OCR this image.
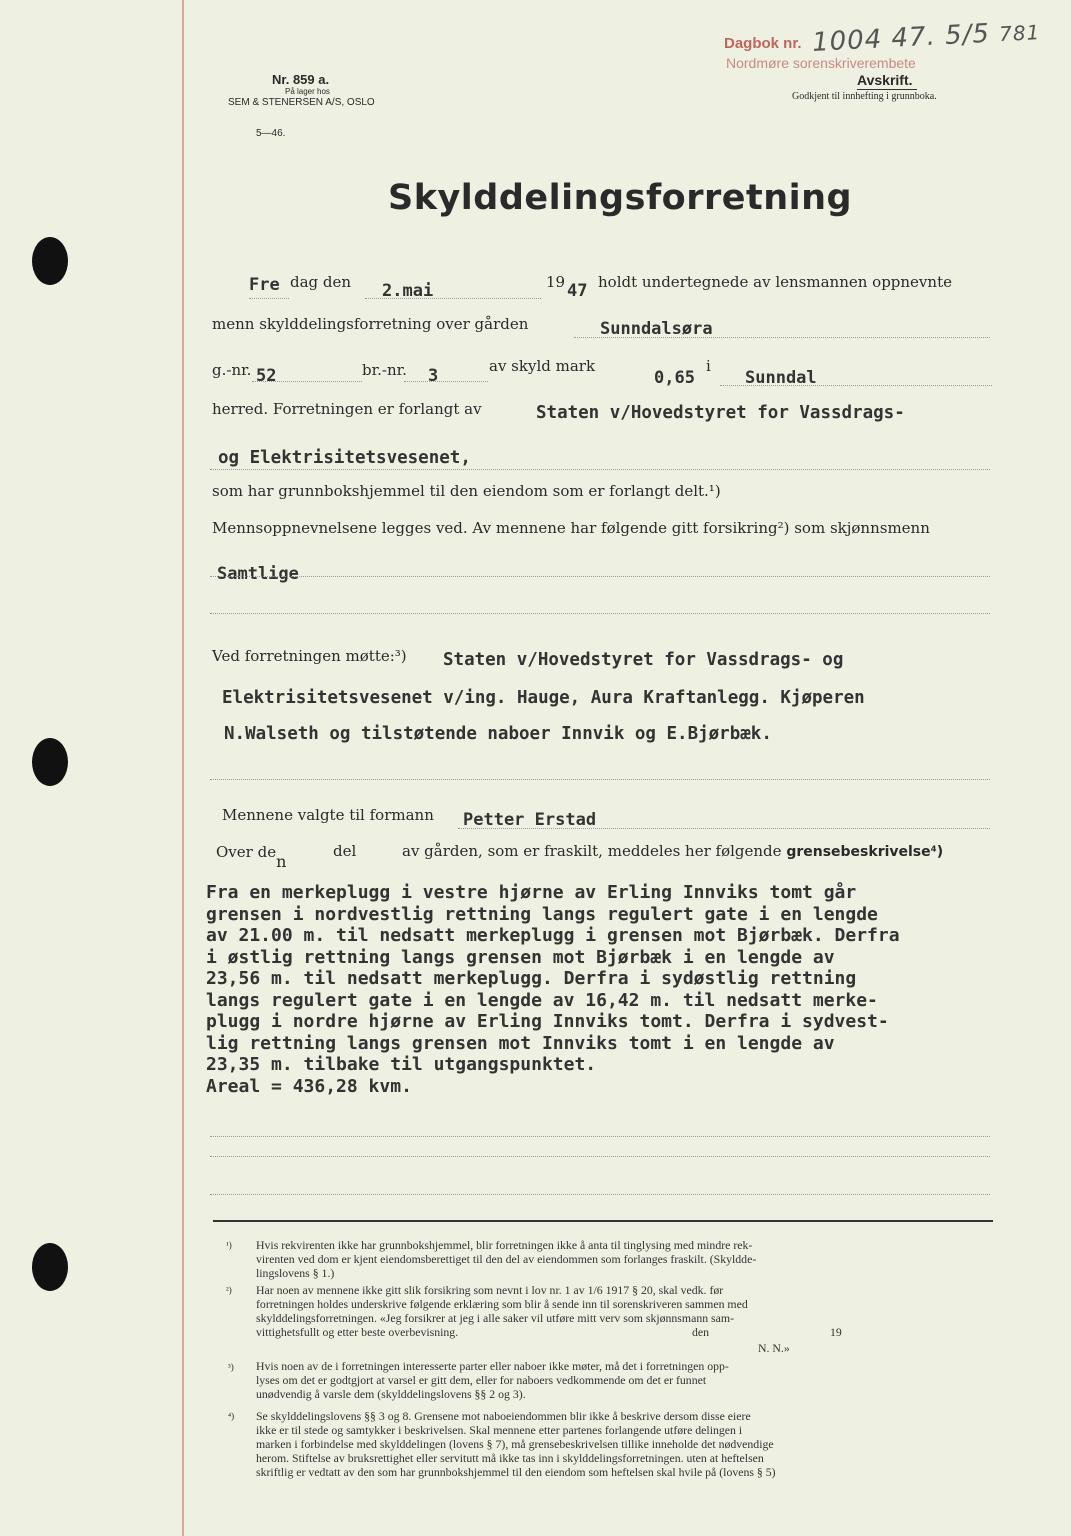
Nr. 859 a.
På lager hos
SEM & STENERSEN A/S, OSLO
5—46.
Dagbok nr. 1004 47. 5/5 781
Nordmøre sorenskriverembete
Avskrift.
Godkjent til innhefting i grunnboka.
Skylddelingsforretning
Fre dag den 2.mai	19 47 holdt undertegnede av lensmannen oppnevnte
menn skylddelingsforretning over gården	Sunndalsøra
g.-nr. 52	br.-nr. 3	av skyld mark
0,65
i
Sunndal
herred. Forretningen er forlangt av	Staten v/Hovedstyret for Vassdrags-
og Elektrisitetsvesenet,
som har grunnbokshjemmel til den eiendom som er forlangt delt.¹)
Mennsoppnevnelsene legges ved. Av mennene har følgende gitt forsikring²) som skjønnsmenn
Samtlige
Ved forretningen møtte:³) Staten v/Hovedstyret for Vassdrags- og
Elektrisitetsvesenet v/ing. Hauge, Aura Kraftanlegg. Kjøperen
N.Walseth og tilstøtende naboer Innvik og E.Bjørbæk.
Mennene valgte til formann Petter Erstad
Over den
del	av gården, som er fraskilt, meddeles her følgende grensebeskrivelse⁴)
Fra en merkeplugg i vestre hjørne av Erling Innviks tomt går
grensen i nordvestlig rettning langs regulert gate i en lengde
av 21.00 m. til nedsatt merkeplugg i grensen mot Bjørbæk. Derfra
i østlig rettning langs grensen mot Bjørbæk i en lengde av
23,56 m. til nedsatt merkeplugg. Derfra i sydøstlig rettning
langs regulert gate i en lengde av 16,42 m. til nedsatt merke-
plugg i nordre hjørne av Erling Innviks tomt. Derfra i sydvest-
lig rettning langs grensen mot Innviks tomt i en lengde av
23,35 m. tilbake til utgangspunktet.
Areal = 436,28 kvm.
¹) Hvis rekvirenten ikke har grunnbokshjemmel, blir forretningen ikke å anta til tinglysing med mindre rek-
virenten ved dom er kjent eiendomsberettiget til den del av eiendommen som forlanges fraskilt. (Skyldde-
lingslovens § 1.)
²) Har noen av mennene ikke gitt slik forsikring som nevnt i lov nr. 1 av 1/6 1917 § 20, skal vedk. før
forretningen holdes underskrive følgende erklæring som blir å sende inn til sorenskriveren sammen med
skylddelingsforretningen. «Jeg forsikrer at jeg i alle saker vil utføre mitt verv som skjønnsmann sam-
vittighetsfullt og etter beste overbevisning.	den	19
N. N.»
³) Hvis noen av de i forretningen interesserte parter eller naboer ikke møter, må det i forretningen opp-
lyses om det er godtgjort at varsel er gitt dem, eller for naboers vedkommende om det er funnet
unødvendig å varsle dem (skylddelingslovens §§ 2 og 3).
⁴) Se skylddelingslovens §§ 3 og 8. Grensene mot naboeiendommen blir ikke å beskrive dersom disse eiere
ikke er til stede og samtykker i beskrivelsen. Skal mennene etter partenes forlangende utføre delingen i
marken i forbindelse med skylddelingen (lovens § 7), må grensebeskrivelsen tillike inneholde det nødvendige
herom. Stiftelse av bruksrettighet eller servitutt må ikke tas inn i skylddelingsforretningen. uten at heftelsen
skriftlig er vedtatt av den som har grunnbokshjemmel til den eiendom som heftelsen skal hvile på (lovens § 5)
